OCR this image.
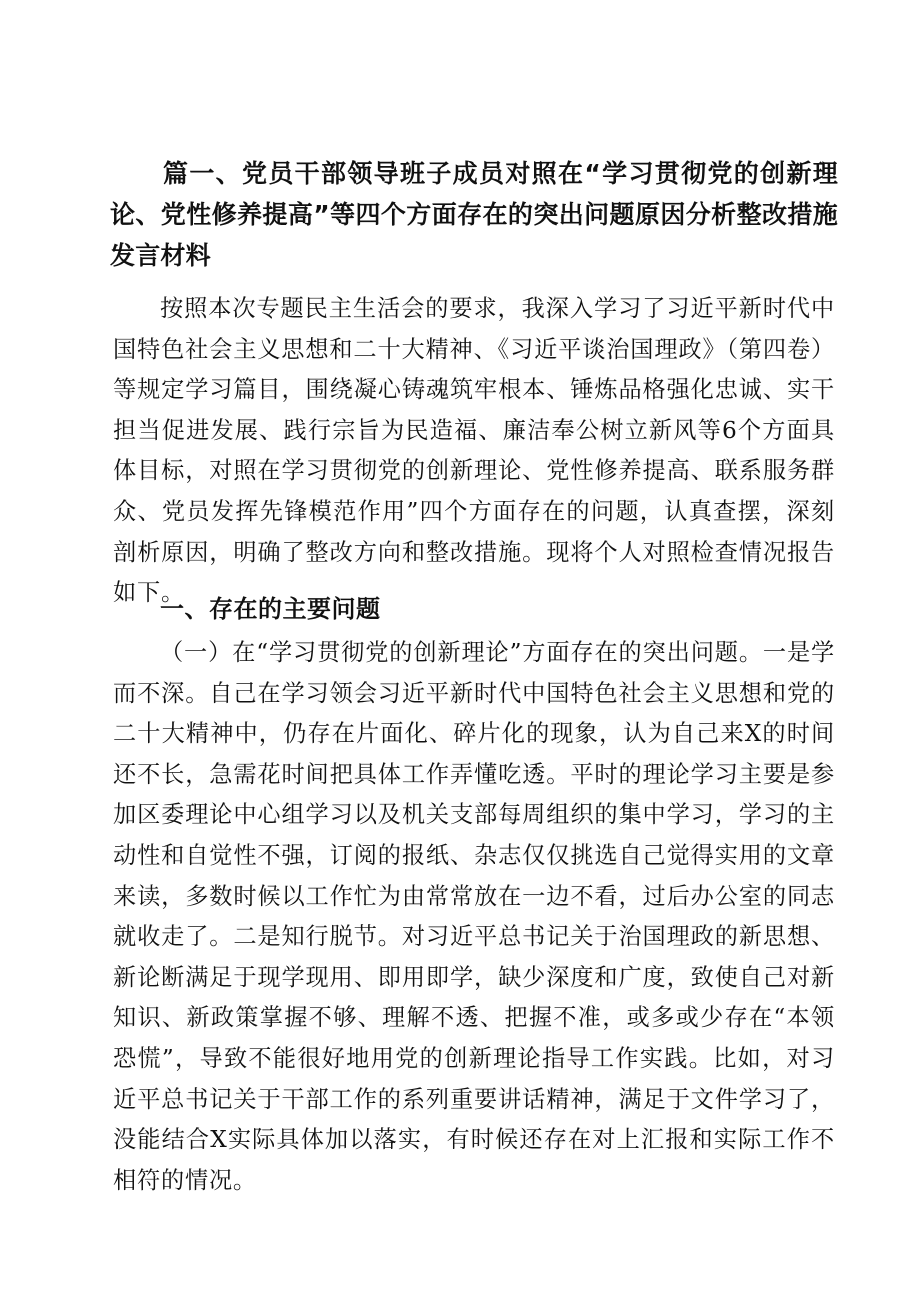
篇一、党员干部领导班子成员对照在“学习贯彻党的创新理论、党性修养提高”等四个方面存在的突出问题原因分析整改措施发言材料

按照本次专题民主生活会的要求，我深入学习了习近平新时代中国特色社会主义思想和二十大精神、《习近平谈治国理政》（第四卷）等规定学习篇目，围绕凝心铸魂筑牢根本、锤炼品格强化忠诚、实干担当促进发展、践行宗旨为民造福、廉洁奉公树立新风等6个方面具体目标，对照在学习贯彻党的创新理论、党性修养提高、联系服务群众、党员发挥先锋模范作用”四个方面存在的问题，认真查摆，深刻剖析原因，明确了整改方向和整改措施。现将个人对照检查情况报告如下。

一、存在的主要问题

（一）在“学习贯彻党的创新理论”方面存在的突出问题。一是学而不深。自己在学习领会习近平新时代中国特色社会主义思想和党的二十大精神中，仍存在片面化、碎片化的现象，认为自己来X的时间还不长，急需花时间把具体工作弄懂吃透。平时的理论学习主要是参加区委理论中心组学习以及机关支部每周组织的集中学习，学习的主动性和自觉性不强，订阅的报纸、杂志仅仅挑选自己觉得实用的文章来读，多数时候以工作忙为由常常放在一边不看，过后办公室的同志就收走了。二是知行脱节。对习近平总书记关于治国理政的新思想、新论断满足于现学现用、即用即学，缺少深度和广度，致使自己对新知识、新政策掌握不够、理解不透、把握不准，或多或少存在“本领恐慌”，导致不能很好地用党的创新理论指导工作实践。比如，对习近平总书记关于干部工作的系列重要讲话精神，满足于文件学习了，没能结合X实际具体加以落实，有时候还存在对上汇报和实际工作不相符的情况。
